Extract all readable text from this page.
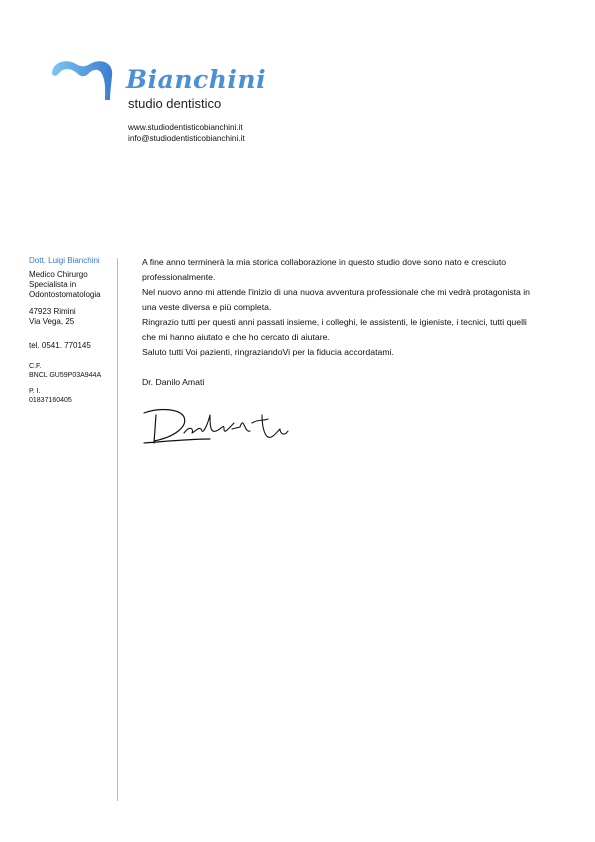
Bianchini
studio dentistico
www.studiodentisticobianchini.it
info@studiodentisticobianchini.it
Dott. Luigi Bianchini
Medico Chirurgo
Specialista in
Odontostomatologia
47923 Rimini
Via Vega, 25
tel. 0541. 770145
C.F.
BNCL GU59P03A944A
P. I.
01837160405

A fine anno terminerà la mia storica collaborazione in questo studio dove sono nato e cresciuto professionalmente.

Nel nuovo anno mi attende l'inizio di una nuova avventura professionale che mi vedrà protagonista in una veste diversa e più completa.

Ringrazio tutti per questi anni passati insieme, i colleghi, le assistenti, le igieniste, i tecnici, tutti quelli che mi hanno aiutato e che ho cercato di aiutare.

Saluto tutti Voi pazienti, ringraziandoVi per la fiducia accordatami.

Dr. Danilo Amati
